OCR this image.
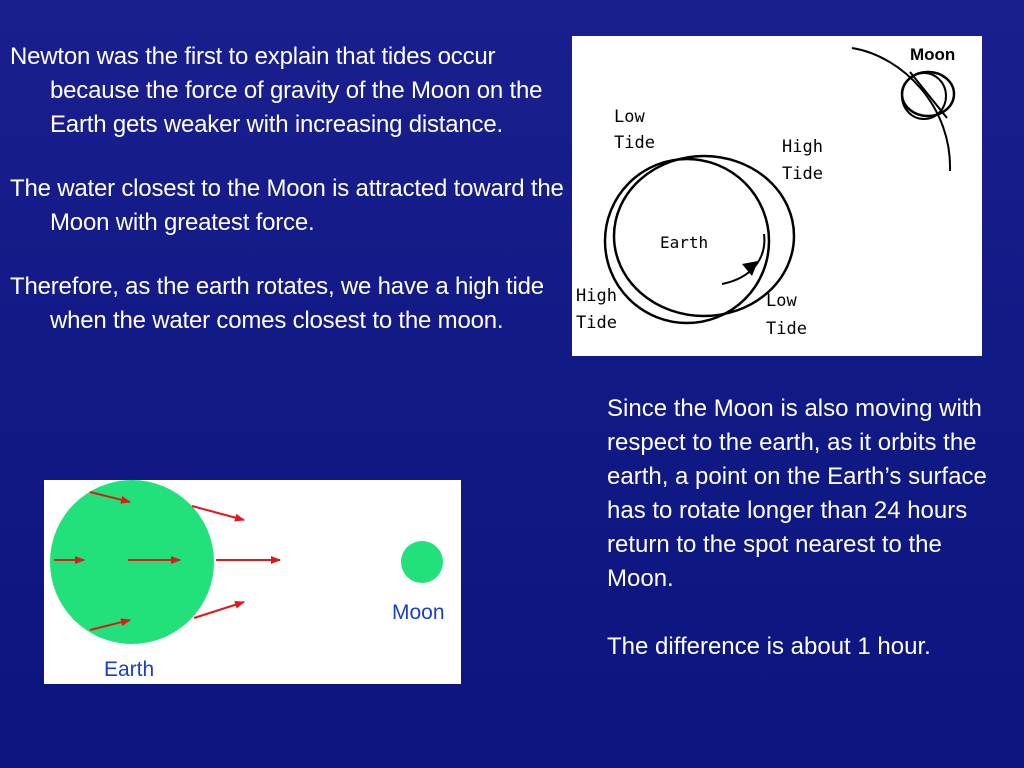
Newton was the first to explain that tides occur because the force of gravity of the Moon on the Earth gets weaker with increasing distance.

The water closest to the Moon is attracted toward the Moon with greatest force.

Therefore, as the earth rotates, we have a high tide when the water comes closest to the moon.

Moon
Earth
Low
Tide	High
Tide
High
Tide
Low
Tide

Since the Moon is also moving with respect to the earth, as it orbits the earth, a point on the Earth’s surface has to rotate longer than 24 hours return to the spot nearest to the Moon.

The difference is about 1 hour.

Earth
Moon
